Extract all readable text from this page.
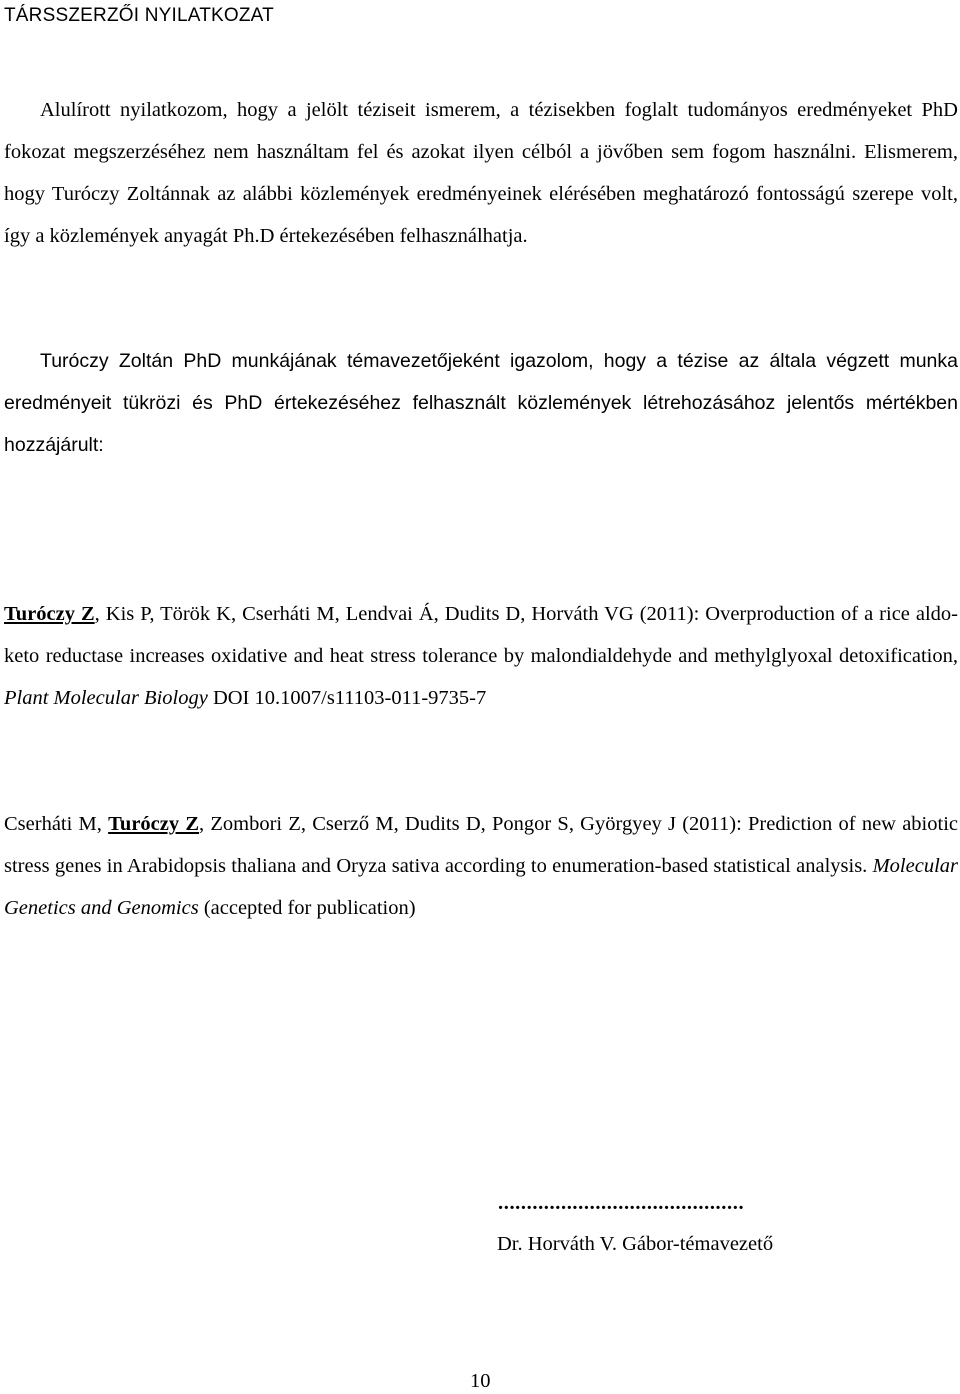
TÁRSSZERZŐI NYILATKOZAT

Alulírott nyilatkozom, hogy a jelölt téziseit ismerem, a tézisekben foglalt tudományos eredményeket PhD fokozat megszerzéséhez nem használtam fel és azokat ilyen célból a jövőben sem fogom használni. Elismerem, hogy Turóczy Zoltánnak az alábbi közlemények eredményeinek elérésében meghatározó fontosságú szerepe volt, így a közlemények anyagát Ph.D értekezésében felhasználhatja.

Turóczy Zoltán PhD munkájának témavezetőjeként igazolom, hogy a tézise az általa végzett munka eredményeit tükrözi és PhD értekezéséhez felhasznált közlemények létrehozásához jelentős mértékben hozzájárult:

Turóczy Z, Kis P, Török K, Cserháti M, Lendvai Á, Dudits D, Horváth VG (2011): Overproduction of a rice aldo-keto reductase increases oxidative and heat stress tolerance by malondialdehyde and methylglyoxal detoxification, Plant Molecular Biology DOI 10.1007/s11103-011-9735-7

Cserháti M, Turóczy Z, Zombori Z, Cserző M, Dudits D, Pongor S, Györgyey J (2011): Prediction of new abiotic stress genes in Arabidopsis thaliana and Oryza sativa according to enumeration-based statistical analysis. Molecular Genetics and Genomics (accepted for publication)

...........................................
Dr. Horváth V. Gábor-témavezető
10
